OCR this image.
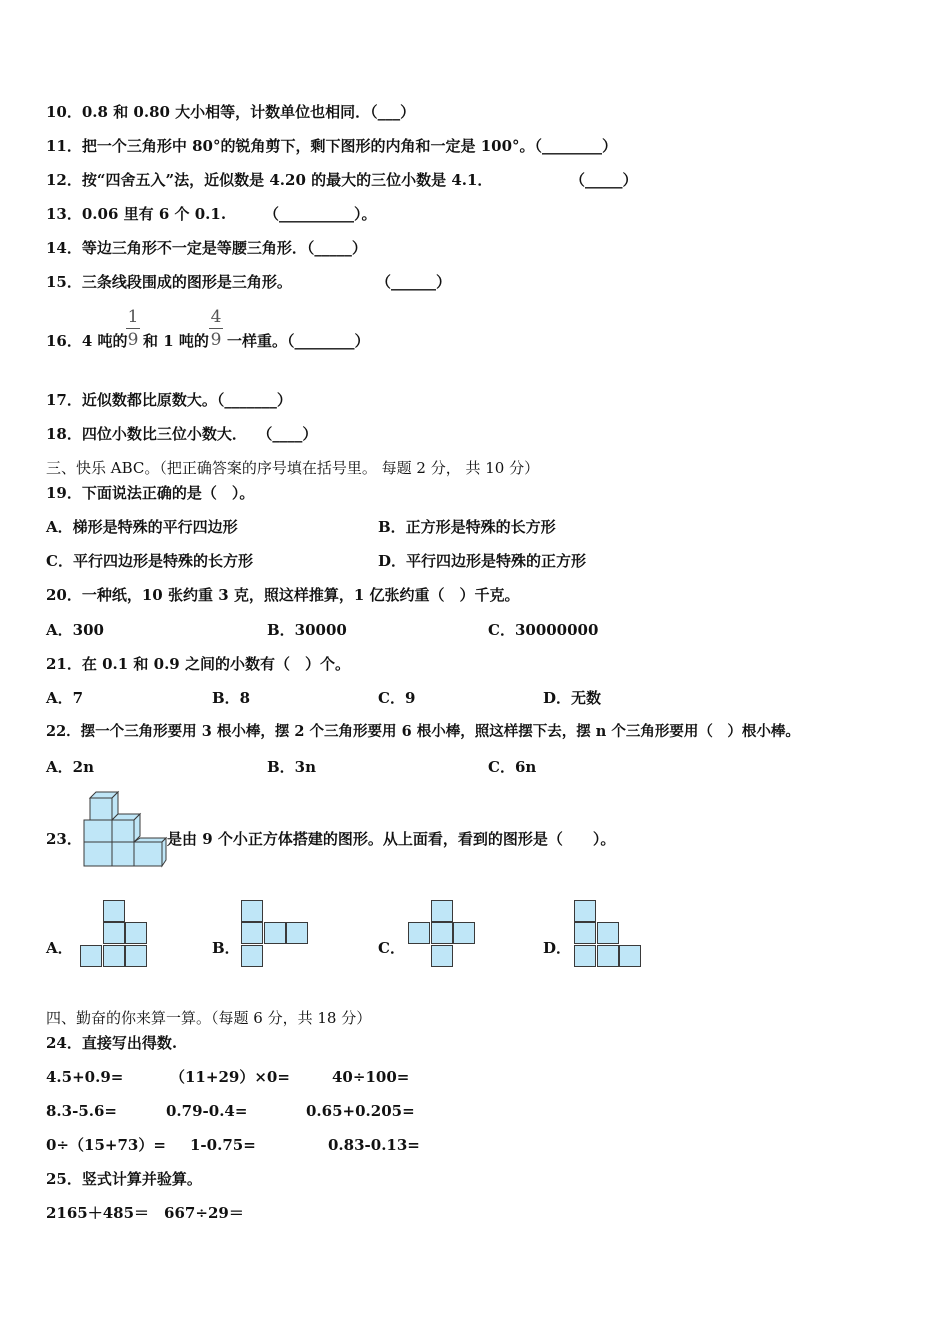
10．0.8 和 0.80 大小相等，计数单位也相同．（___）
11．把一个三角形中 80°的锐角剪下，剩下图形的内角和一定是 100°。（________）
12．按“四舍五入”法，近似数是 4.20 的最大的三位小数是 4.1．	（_____）
13．0.06 里有 6 个 0.1.	（__________）。
14．等边三角形不一定是等腰三角形．（_____）
15．三条线段围成的图形是三角形。	（______）
16．4 吨的
1
9 和 1 吨的
4
9 一样重。（________）
17．近似数都比原数大。（_______）
18．四位小数比三位小数大．  （____）
三、快乐 ABC。（把正确答案的序号填在括号里。 每题 2 分， 共 10 分）
19．下面说法正确的是（　）。
A．梯形是特殊的平行四边形	B．正方形是特殊的长方形
C．平行四边形是特殊的长方形	D．平行四边形是特殊的正方形
20．一种纸，10 张约重 3 克，照这样推算，1 亿张约重（　）千克。
A．300	B．30000	C．30000000
21．在 0.1 和 0.9 之间的小数有（　）个。
A．7	B．8	C．9	D．无数
22．摆一个三角形要用 3 根小棒，摆 2 个三角形要用 6 根小棒，照这样摆下去，摆 n 个三角形要用（　）根小棒。
A．2n	B．3n	C．6n
23．	是由 9 个小正方体搭建的图形。从上面看，看到的图形是（　　）。
A．	B．	C．	D．
四、勤奋的你来算一算。（每题 6 分，共 18 分）
24．直接写出得数.
4.5+0.9=	（11+29）×0=	40÷100=
8.3-5.6=	0.79-0.4=	0.65+0.205=
0÷（15+73）= 1-0.75=	0.83-0.13=
25．竖式计算并验算。
2165＋485＝　667÷29＝
